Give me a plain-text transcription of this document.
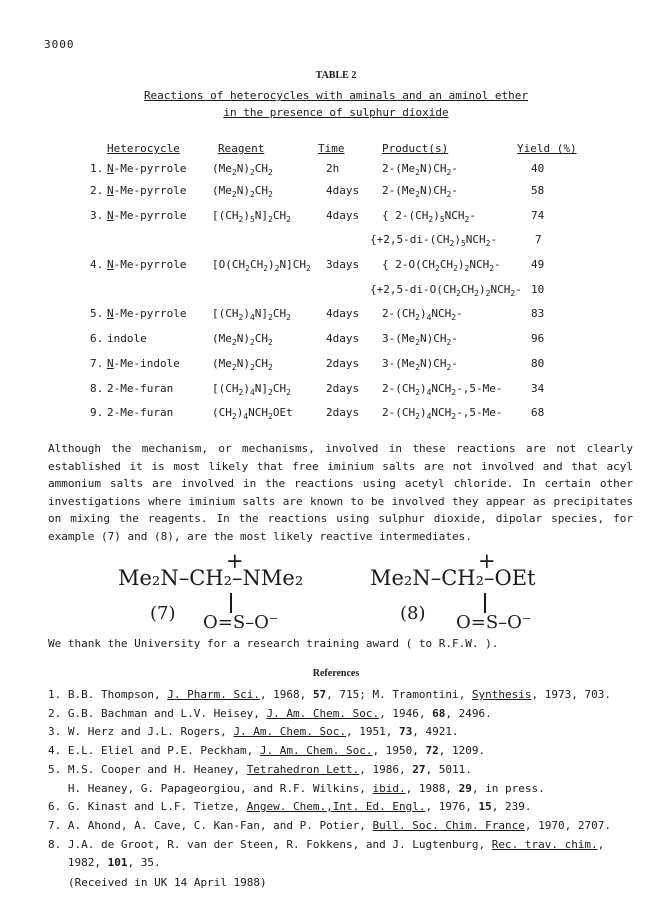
3000
TABLE 2
Reactions of heterocycles with aminals and an aminol ether
in the presence of sulphur dioxide
Heterocycle	Reagent	Time	Product(s)	Yield (%)
1. N-Me-pyrrole $(Me_2N)_2CH_2$	2h	$2-(Me_2N)CH_2-$	40
2. N-Me-pyrrole $(Me_2N)_2CH_2$	4days $2-(Me_2N)CH_2-$	58
3. N-Me-pyrrole $[(CH_2)_5N]_2CH_2$	4days { $2-(CH_2)_5NCH_2-$	74
{$+2,5-di-(CH_2)_5NCH_2-$	7
4. N-Me-pyrrole $[O(CH_2CH_2)_2N]CH_2$ 3days { $2-O(CH_2CH_2)_2NCH_2-$	49
{$+2,5-di-O(CH_2CH_2)_2NCH_2-$ 10
5. N-Me-pyrrole $[(CH_2)_4N]_2CH_2$	4days $2-(CH_2)_4NCH_2-$	83
6. indole	$(Me_2N)_2CH_2$	4days $3-(Me_2N)CH_2-$	96
7. N-Me-indole	$(Me_2N)_2CH_2$	2days $3-(Me_2N)CH_2-$	80
8. 2-Me-furan	$[(CH_2)_4N]_2CH_2$	2days $2-(CH_2)_4NCH_2-,5-Me-$	34
9. 2-Me-furan	$(CH_2)_4NCH_2OEt$	2days $2-(CH_2)_4NCH_2-,5-Me-$	68
Although the mechanism, or mechanisms, involved in these reactions are not clearly established it is most likely that free iminium salts are not involved and that acyl ammonium salts are involved in the reactions using acetyl chloride. In certain other investigations where iminium salts are known to be involved they appear as precipitates on mixing the reagents. In the reactions using sulphur dioxide, dipolar species, for example (7) and (8), are the most likely reactive intermediates.
+
Me₂N–CH₂–NMe₂
(7) O=S–O⁻
+
Me₂N–CH₂–OEt
(8) O=S–O⁻
We thank the University for a research training award ( to R.F.W. ).
References
1. B.B. Thompson, J. Pharm. Sci., 1968, 57, 715; M. Tramontini, Synthesis, 1973, 703.
2. G.B. Bachman and L.V. Heisey, J. Am. Chem. Soc., 1946, 68, 2496.
3. W. Herz and J.L. Rogers, J. Am. Chem. Soc., 1951, 73, 4921.
4. E.L. Eliel and P.E. Peckham, J. Am. Chem. Soc., 1950, 72, 1209.
5. M.S. Cooper and H. Heaney, Tetrahedron Lett., 1986, 27, 5011.
H. Heaney, G. Papageorgiou, and R.F. Wilkins, ibid., 1988, 29, in press.
6. G. Kinast and L.F. Tietze, Angew. Chem.,Int. Ed. Engl., 1976, 15, 239.
7. A. Ahond, A. Cave, C. Kan-Fan, and P. Potier, Bull. Soc. Chim. France, 1970, 2707.
8. J.A. de Groot, R. van der Steen, R. Fokkens, and J. Lugtenburg, Rec. trav. chim.,
1982, 101, 35.
(Received in UK 14 April 1988)
